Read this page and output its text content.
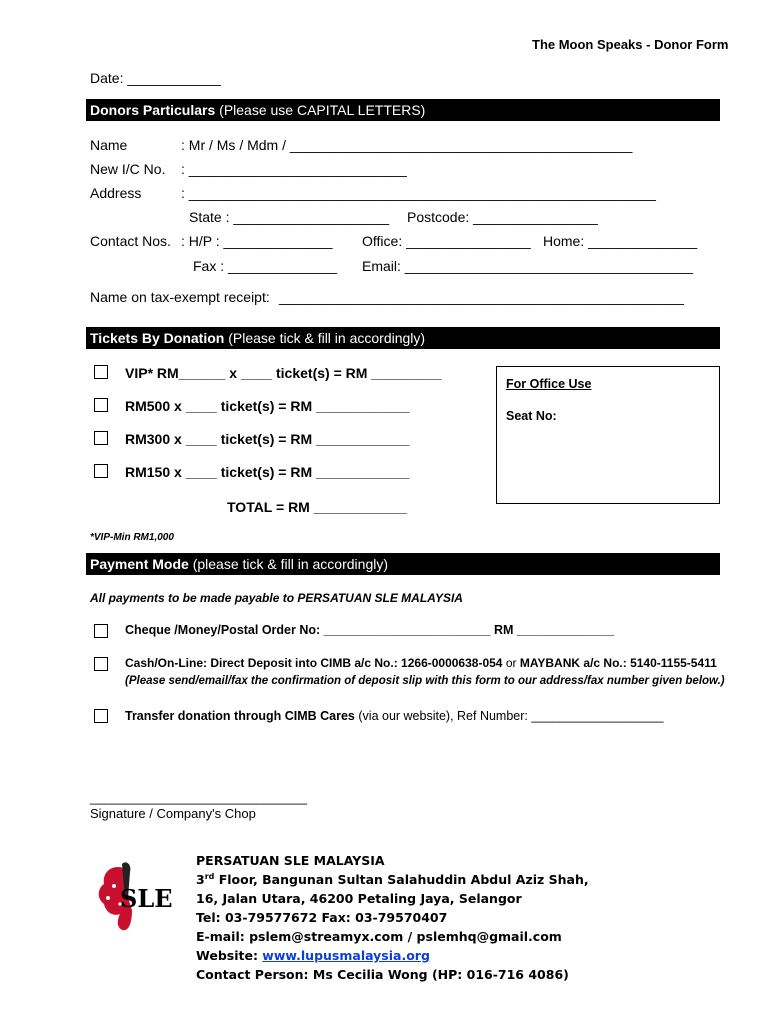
The Moon Speaks - Donor Form
Date: ____________
Donors Particulars (Please use CAPITAL LETTERS)
Name	: Mr / Ms / Mdm / ____________________________________________
New I/C No. : ____________________________
Address	: ____________________________________________________________
State : ____________________ Postcode: ________________
Contact Nos. : H/P : ______________ Office: ________________ Home: ______________
Fax : ______________ Email: _____________________________________
Name on tax-exempt receipt: ____________________________________________________
Tickets By Donation (Please tick & fill in accordingly)
VIP* RM______ x ____ ticket(s) = RM _________
RM500 x ____ ticket(s) = RM ____________
RM300 x ____ ticket(s) = RM ____________
RM150 x ____ ticket(s) = RM ____________
TOTAL = RM ____________
For Office Use
Seat No:
*VIP-Min RM1,000
Payment Mode (please tick & fill in accordingly)
All payments to be made payable to PERSATUAN SLE MALAYSIA
Cheque /Money/Postal Order No: ________________________ RM ______________
Cash/On-Line: Direct Deposit into CIMB a/c No.: 1266-0000638-054 or MAYBANK a/c No.: 5140-1155-5411
(Please send/email/fax the confirmation of deposit slip with this form to our address/fax number given below.)
Transfer donation through CIMB Cares (via our website), Ref Number: ___________________
______________________________
Signature / Company's Chop
SLE
PERSATUAN SLE MALAYSIA
3rd Floor, Bangunan Sultan Salahuddin Abdul Aziz Shah,
16, Jalan Utara, 46200 Petaling Jaya, Selangor
Tel: 03-79577672 Fax: 03-79570407
E-mail: pslem@streamyx.com / pslemhq@gmail.com
Website: www.lupusmalaysia.org
Contact Person: Ms Cecilia Wong (HP: 016-716 4086)
